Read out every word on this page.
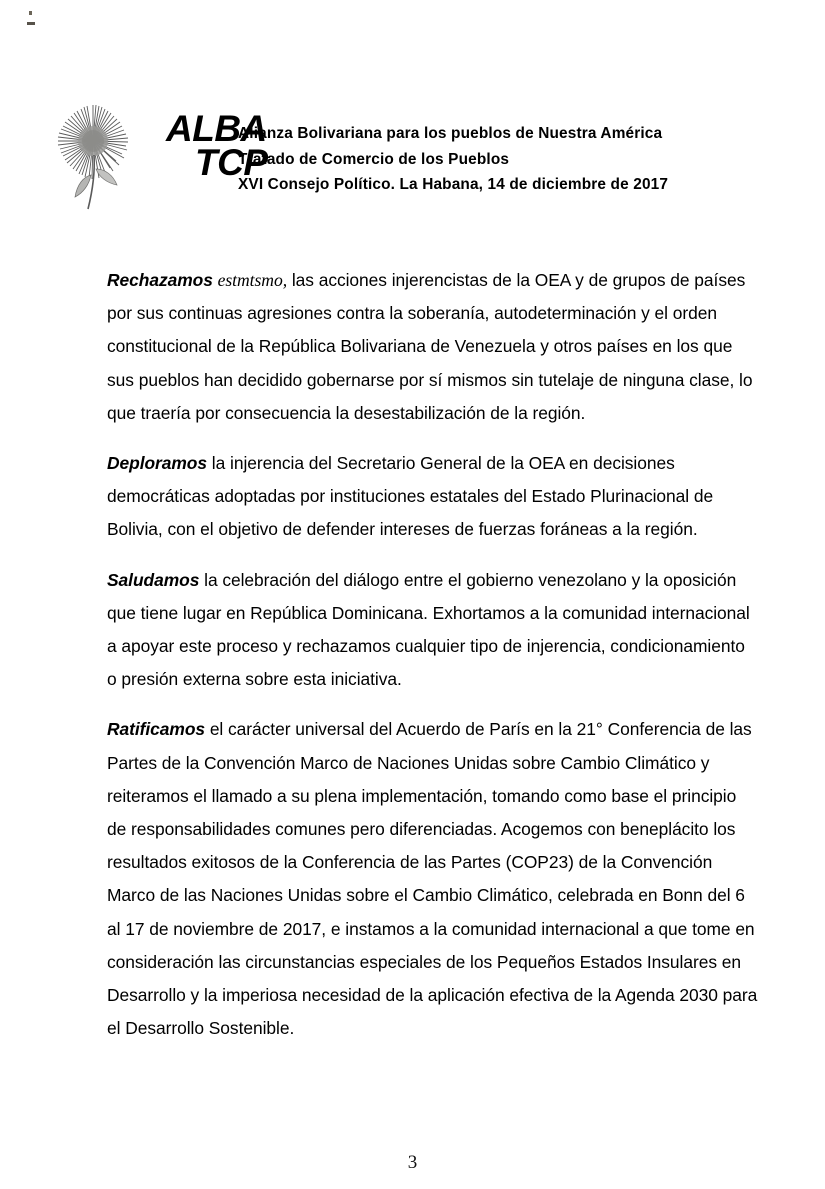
ALBA
TCP
Alianza Bolivariana para los pueblos de Nuestra América
Tratado de Comercio de los Pueblos
XVI Consejo Político. La Habana, 14 de diciembre de 2017

Rechazamos estmtsmo, las acciones injerencistas de la OEA y de grupos de países por sus continuas agresiones contra la soberanía, autodeterminación y el orden constitucional de la República Bolivariana de Venezuela y otros países en los que sus pueblos han decidido gobernarse por sí mismos sin tutelaje de ninguna clase, lo que traería por consecuencia la desestabilización de la región.

Deploramos la injerencia del Secretario General de la OEA en decisiones democráticas adoptadas por instituciones estatales del Estado Plurinacional de Bolivia, con el objetivo de defender intereses de fuerzas foráneas a la región.

Saludamos la celebración del diálogo entre el gobierno venezolano y la oposición que tiene lugar en República Dominicana. Exhortamos a la comunidad internacional a apoyar este proceso y rechazamos cualquier tipo de injerencia, condicionamiento o presión externa sobre esta iniciativa.

Ratificamos el carácter universal del Acuerdo de París en la 21° Conferencia de las Partes de la Convención Marco de Naciones Unidas sobre Cambio Climático y reiteramos el llamado a su plena implementación, tomando como base el principio de responsabilidades comunes pero diferenciadas. Acogemos con beneplácito los resultados exitosos de la Conferencia de las Partes (COP23) de la Convención Marco de las Naciones Unidas sobre el Cambio Climático, celebrada en Bonn del 6 al 17 de noviembre de 2017, e instamos a la comunidad internacional a que tome en consideración las circunstancias especiales de los Pequeños Estados Insulares en Desarrollo y la imperiosa necesidad de la aplicación efectiva de la Agenda 2030 para el Desarrollo Sostenible.

3
